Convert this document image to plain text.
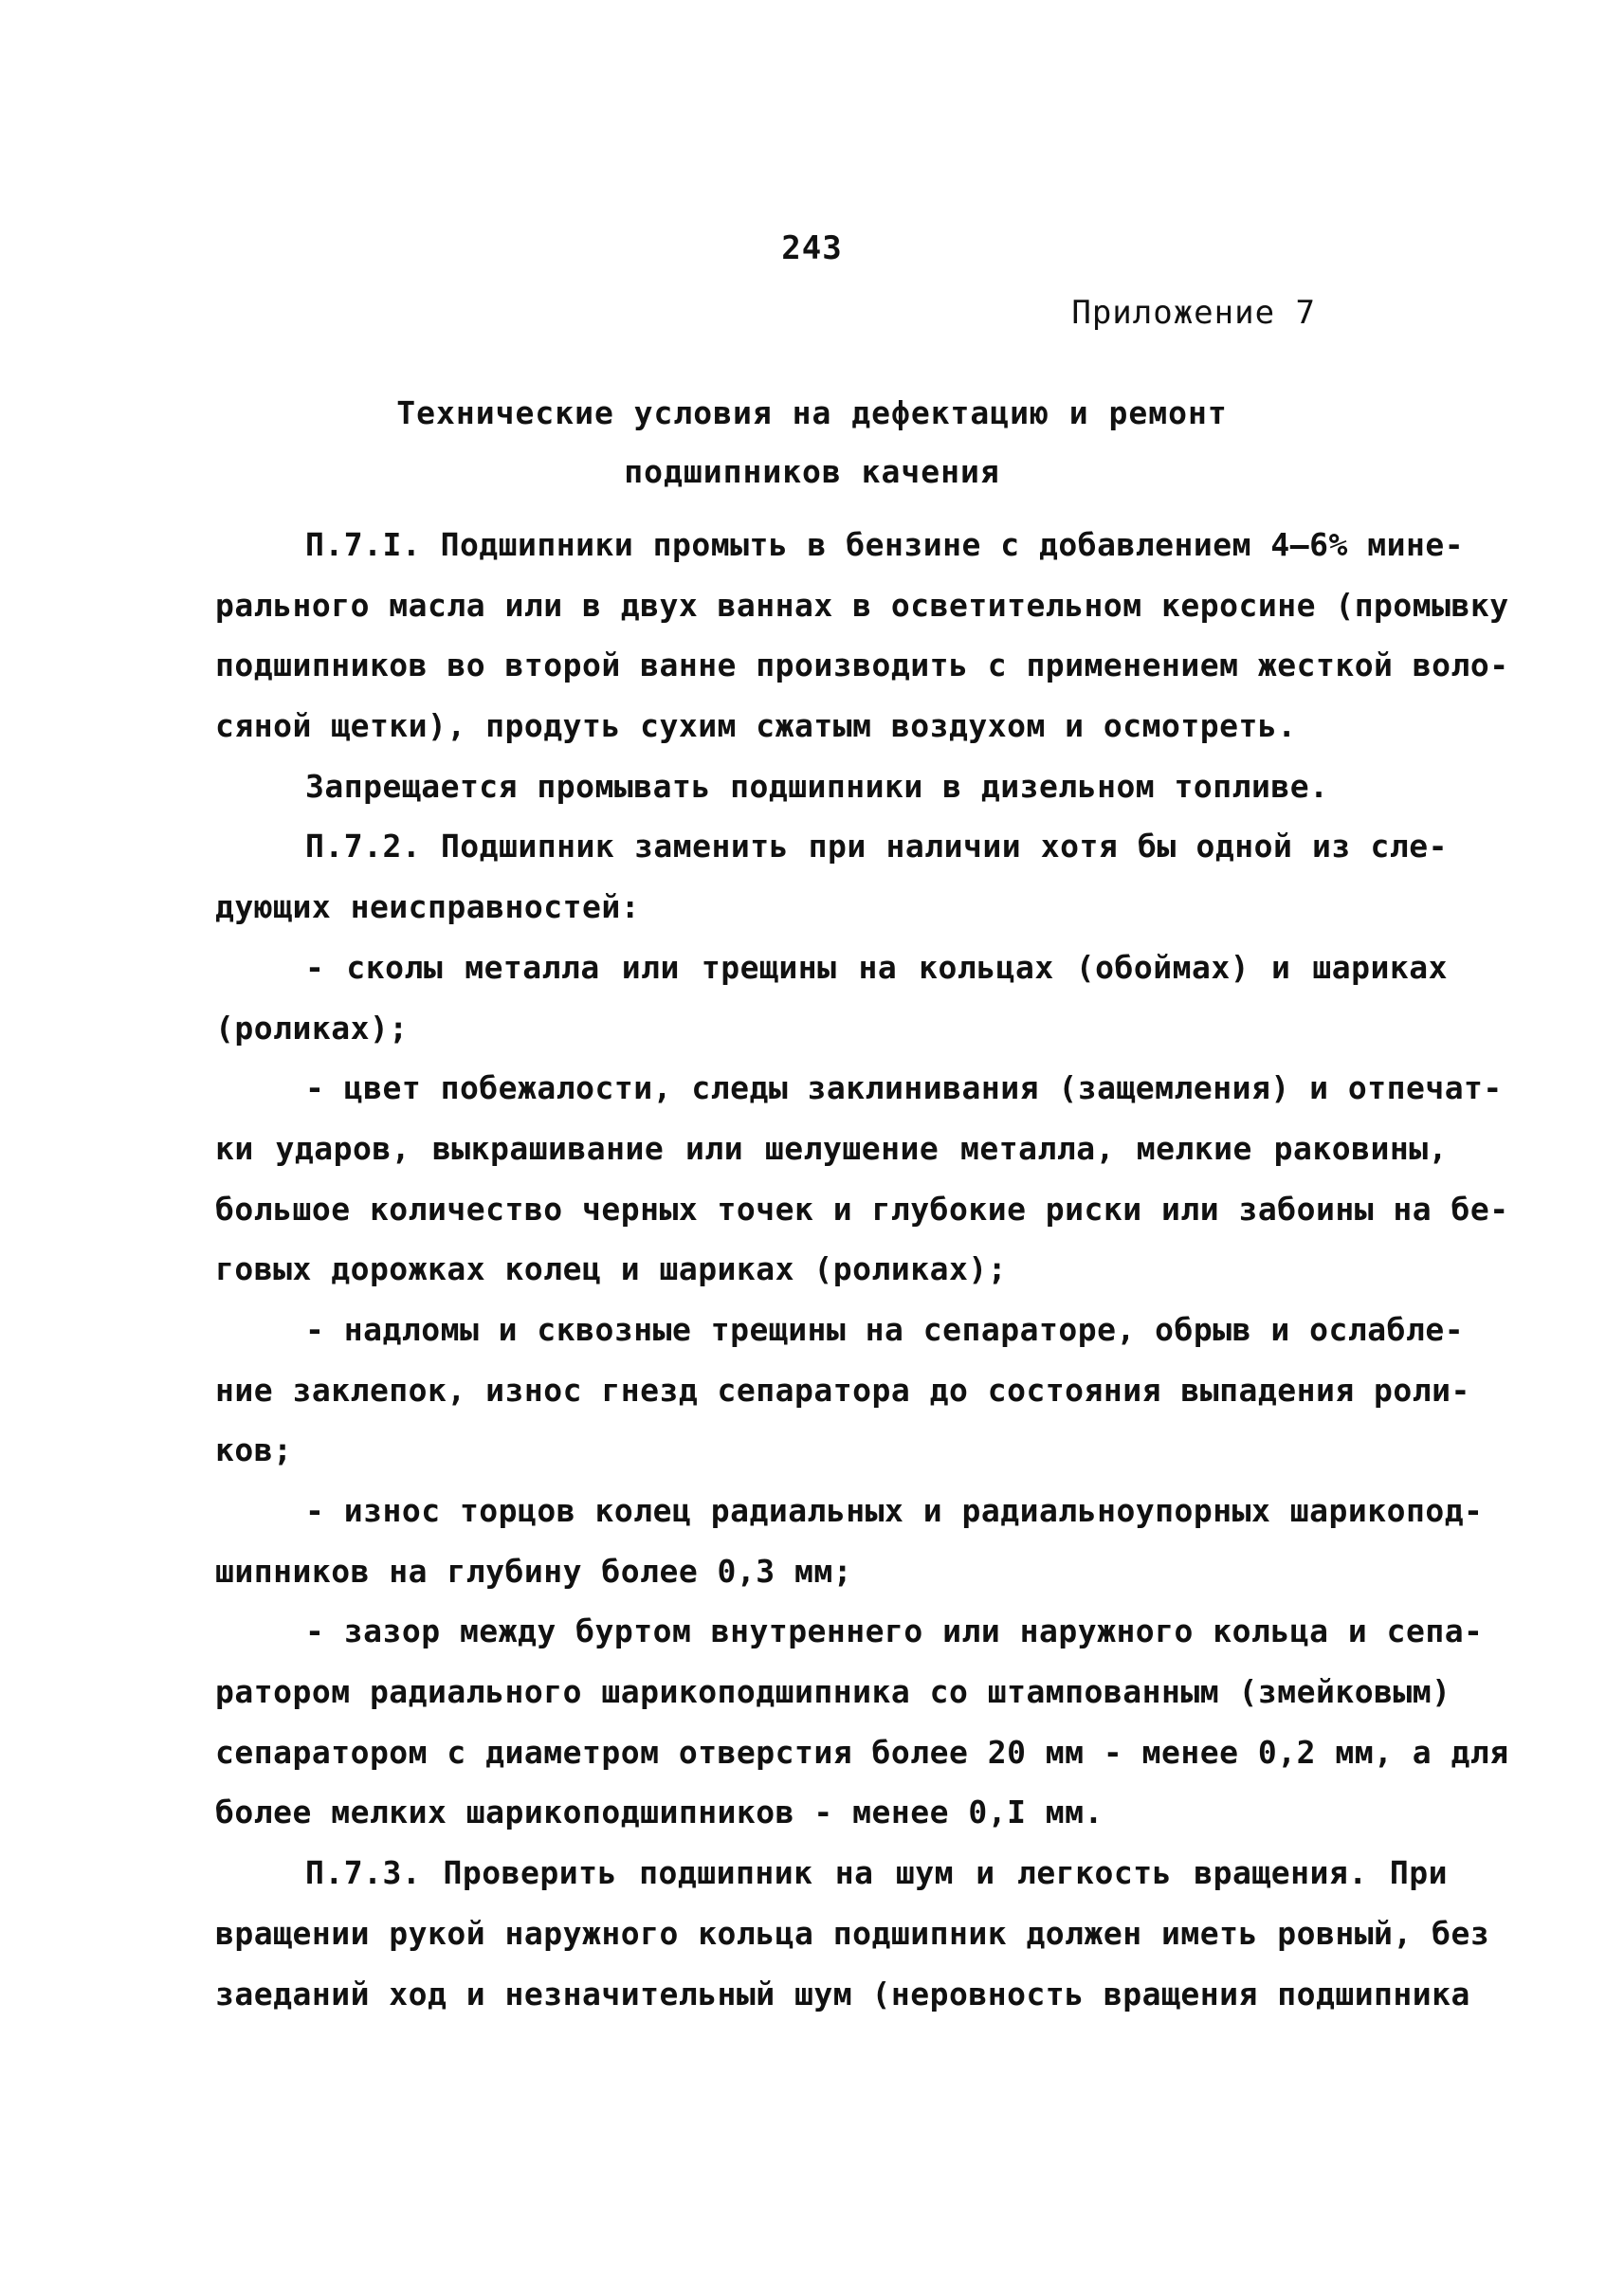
243
Приложение 7
Технические условия на дефектацию и ремонт
подшипников качения
П.7.I. Подшипники промыть в бензине с добавлением 4–6% мине-
рального масла или в двух ваннах в осветительном керосине (промывку
подшипников во второй ванне производить с применением жесткой воло-
сяной щетки), продуть сухим сжатым воздухом и осмотреть.
Запрещается промывать подшипники в дизельном топливе.
П.7.2. Подшипник заменить при наличии хотя бы одной из сле-
дующих неисправностей:
- сколы металла или трещины на кольцах (обоймах) и шариках
(роликах);
- цвет побежалости, следы заклинивания (защемления) и отпечат-
ки ударов, выкрашивание или шелушение металла, мелкие раковины,
большое количество черных точек и глубокие риски или забоины на бе-
говых дорожках колец и шариках (роликах);
- надломы и сквозные трещины на сепараторе, обрыв и ослабле-
ние заклепок, износ гнезд сепаратора до состояния выпадения роли-
ков;
- износ торцов колец радиальных и радиальноупорных шарикопод-
шипников на глубину более 0,3 мм;
- зазор между буртом внутреннего или наружного кольца и сепа-
ратором радиального шарикоподшипника со штампованным (змейковым)
сепаратором с диаметром отверстия более 20 мм - менее 0,2 мм, а для
более мелких шарикоподшипников - менее 0,I мм.
П.7.3. Проверить подшипник на шум и легкость вращения. При
вращении рукой наружного кольца подшипник должен иметь ровный, без
заеданий ход и незначительный шум (неровность вращения подшипника
